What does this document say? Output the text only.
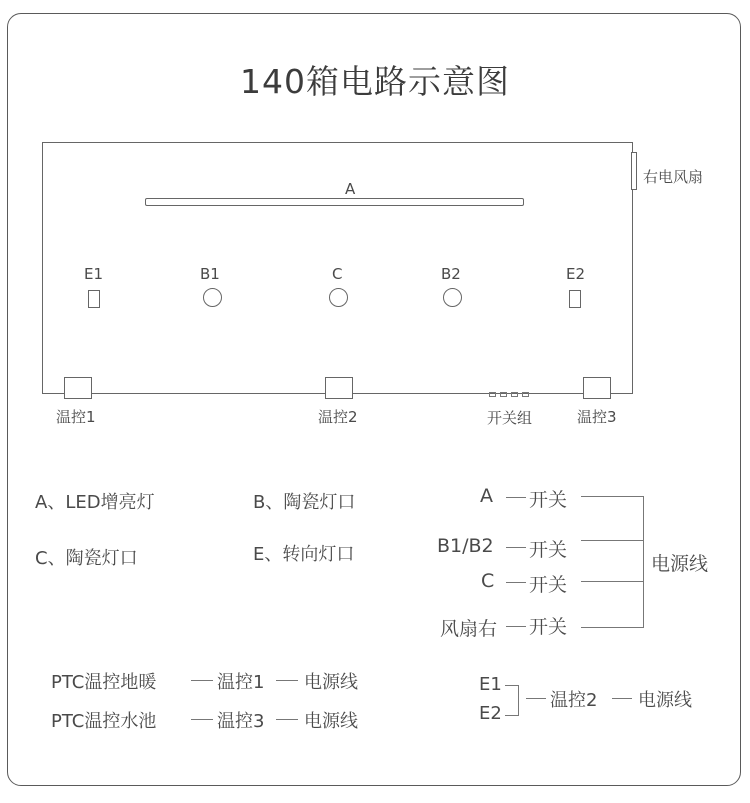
140箱电路示意图
右电风扇
A
E1	B1	C	B2	E2
温控1	温控2	开关组	温控3
A、LED增亮灯	B、陶瓷灯口
C、陶瓷灯口	E、转向灯口
A 开关
B1/B2 开关
C 开关
风扇右 开关
电源线
PTC温控地暖	温控1 电源线
PTC温控水池	温控3 电源线
E1
E2
温控2 电源线
